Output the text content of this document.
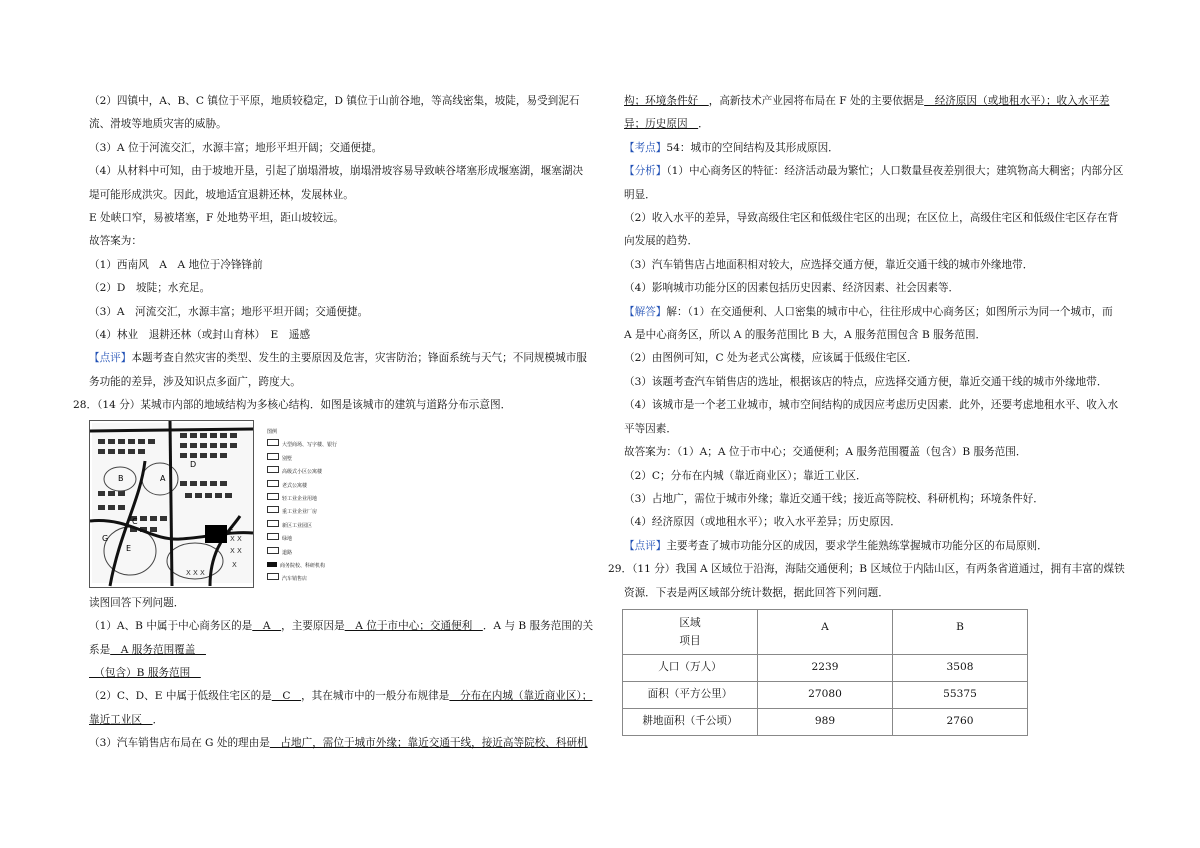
（2）四镇中，A、B、C 镇位于平原，地质较稳定，D 镇位于山前谷地，等高线密集，坡陡，易受到泥石

流、滑坡等地质灾害的威胁。

（3）A 位于河流交汇，水源丰富；地形平坦开阔；交通便捷。

（4）从材料中可知，由于坡地开垦，引起了崩塌滑坡，崩塌滑坡容易导致峡谷堵塞形成堰塞湖，堰塞湖决

堤可能形成洪灾。因此，坡地适宜退耕还林，发展林业。

E 处峡口窄，易被堵塞，F 处地势平坦，距山坡较远。

故答案为：

（1）西南风　A　A 地位于冷锋锋前

（2）D　坡陡；水充足。

（3）A　河流交汇，水源丰富；地形平坦开阔；交通便捷。

（4）林业　退耕还林（或封山育林）　E　遥感

【点评】本题考查自然灾害的类型、发生的主要原因及危害，灾害防治；锋面系统与天气；不同规模城市服

务功能的差异，涉及知识点多面广，跨度大。

28．（14 分）某城市内部的地域结构为多核心结构．如图是该城市的建筑与道路分布示意图．

X X
X X
X
X X X
A
B
C
D
E
F
G
图例
大型商场、写字楼、银行
别墅
高级式小区公寓楼
老式公寓楼
轻工业企业用地
重工业企业厂房
新区工业园区
绿地
道路
商务院校、科研机构
汽车销售店

读图回答下列问题．

（1）A、B 中属于中心商务区的是　A　，主要原因是　A 位于市中心；交通便利　．A 与 B 服务范围的关

系是　A 服务范围覆盖　

　（包含）B 服务范围　

（2）C、D、E 中属于低级住宅区的是　C　，其在城市中的一般分布规律是　分布在内城（靠近商业区）；

靠近工业区　．

（3）汽车销售店布局在 G 处的理由是　占地广，需位于城市外缘；靠近交通干线，接近高等院校、科研机

构；环境条件好　，高新技术产业园将布局在 F 处的主要依据是　经济原因（或地租水平）；收入水平差

异；历史原因　．

【考点】54：城市的空间结构及其形成原因．

【分析】（1）中心商务区的特征：经济活动最为繁忙；人口数量昼夜差别很大；建筑物高大稠密；内部分区

明显．

（2）收入水平的差异，导致高级住宅区和低级住宅区的出现；在区位上，高级住宅区和低级住宅区存在背

向发展的趋势．

（3）汽车销售店占地面积相对较大，应选择交通方便，靠近交通干线的城市外缘地带．

（4）影响城市功能分区的因素包括历史因素、经济因素、社会因素等．

【解答】解：（1）在交通便利、人口密集的城市中心，往往形成中心商务区；如图所示为同一个城市，而

A 是中心商务区，所以 A 的服务范围比 B 大，A 服务范围包含 B 服务范围．

（2）由图例可知，C 处为老式公寓楼，应该属于低级住宅区．

（3）该题考查汽车销售店的选址，根据该店的特点，应选择交通方便，靠近交通干线的城市外缘地带．

（4）该城市是一个老工业城市，城市空间结构的成因应考虑历史因素．此外，还要考虑地租水平、收入水

平等因素．

故答案为：（1）A；A 位于市中心；交通便利；A 服务范围覆盖（包含）B 服务范围．

（2）C；分布在内城（靠近商业区）；靠近工业区．

（3）占地广，需位于城市外缘；靠近交通干线；接近高等院校、科研机构；环境条件好．

（4）经济原因（或地租水平）；收入水平差异；历史原因．

【点评】主要考查了城市功能分区的成因，要求学生能熟练掌握城市功能分区的布局原则．

29．（11 分）我国 A 区域位于沿海，海陆交通便利；B 区域位于内陆山区，有两条省道通过，拥有丰富的煤铁

资源．下表是两区域部分统计数据，据此回答下列问题．

区域
项目	A	B
人口（万人）	2239	3508
面积（平方公里）	27080	55375
耕地面积（千公顷）	989	2760
